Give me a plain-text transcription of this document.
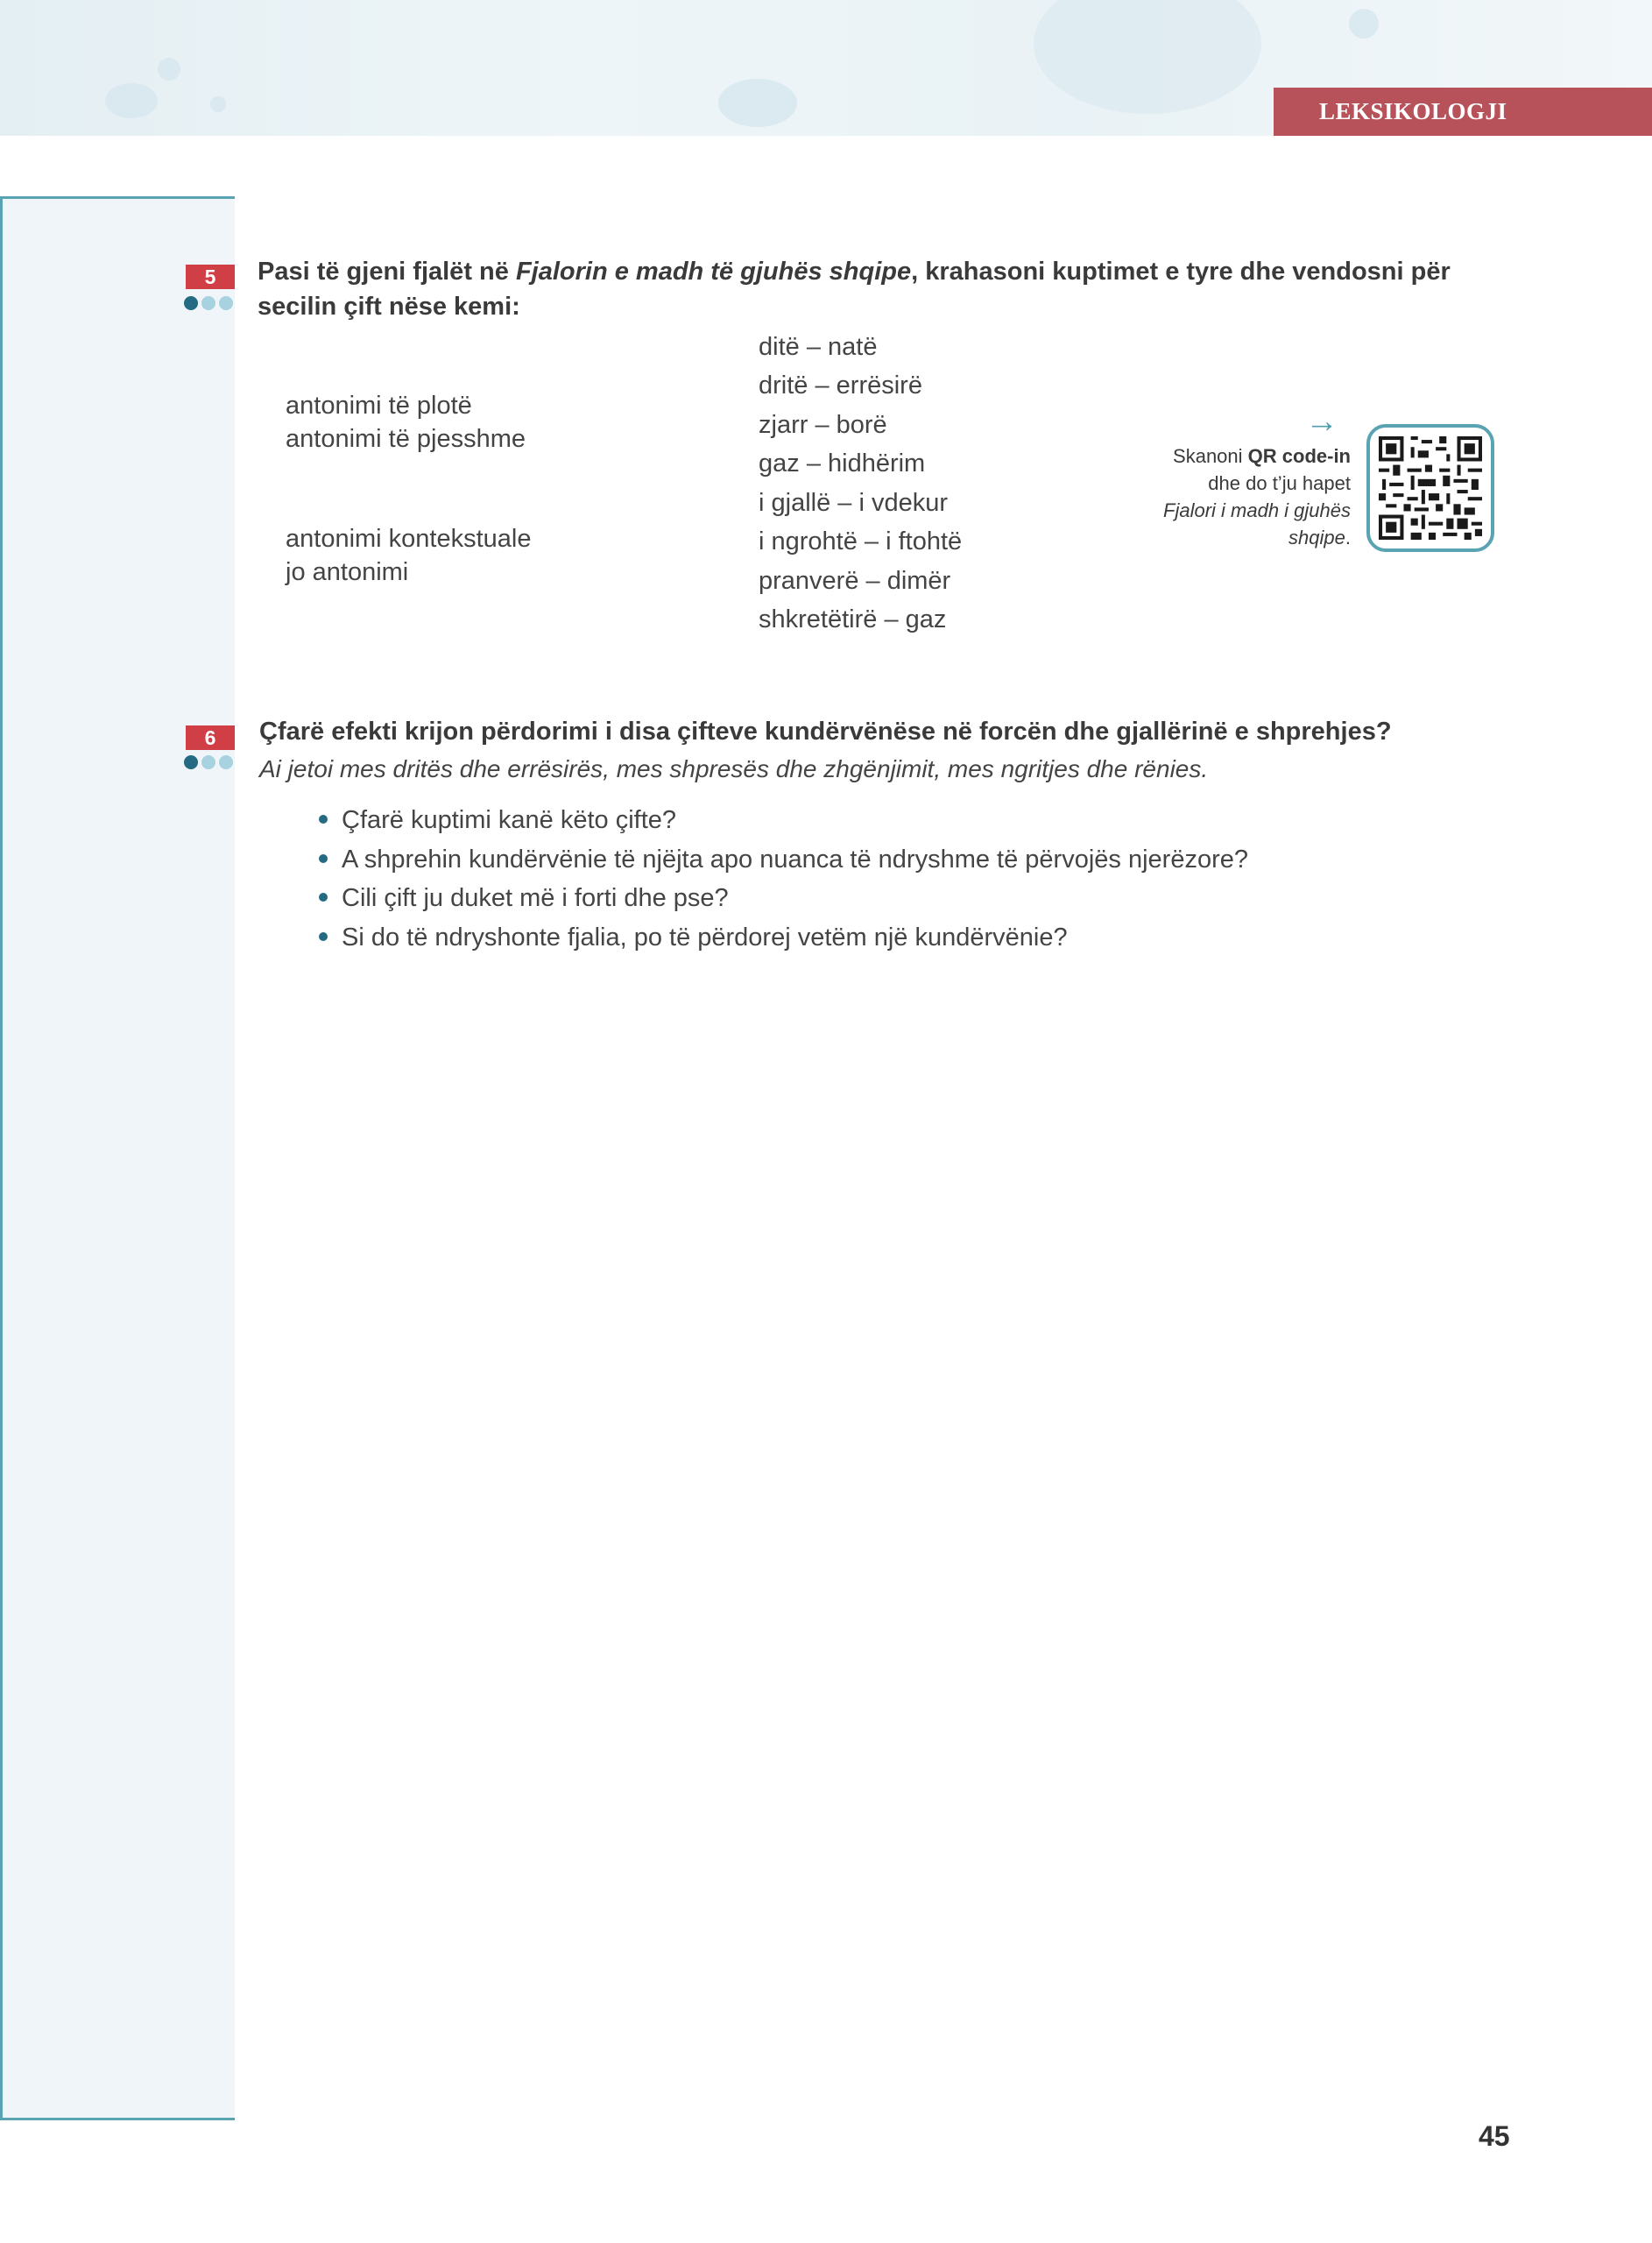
LEKSIKOLOGJI
5	Pasi të gjeni fjalët në Fjalorin e madh të gjuhës shqipe, krahasoni kuptimet e tyre dhe vendosni për
secilin çift nëse kemi:
antonimi të plotë
antonimi të pjesshme
antonimi kontekstuale
jo antonimi
ditë – natë
dritë – errësirë
zjarr – borë
gaz – hidhërim
i gjallë – i vdekur
i ngrohtë – i ftohtë
pranverë – dimër
shkretëtirë – gaz
→
Skanoni QR code-in
dhe do t’ju hapet
Fjalori i madh i gjuhës
shqipe.
6	Çfarë efekti krijon përdorimi i disa çifteve kundërvënëse në forcën dhe gjallërinë e shprehjes?
Ai jetoi mes dritës dhe errësirës, mes shpresës dhe zhgënjimit, mes ngritjes dhe rënies.
Çfarë kuptimi kanë këto çifte?
A shprehin kundërvënie të njëjta apo nuanca të ndryshme të përvojës njerëzore?
Cili çift ju duket më i forti dhe pse?
Si do të ndryshonte fjalia, po të përdorej vetëm një kundërvënie?
45
